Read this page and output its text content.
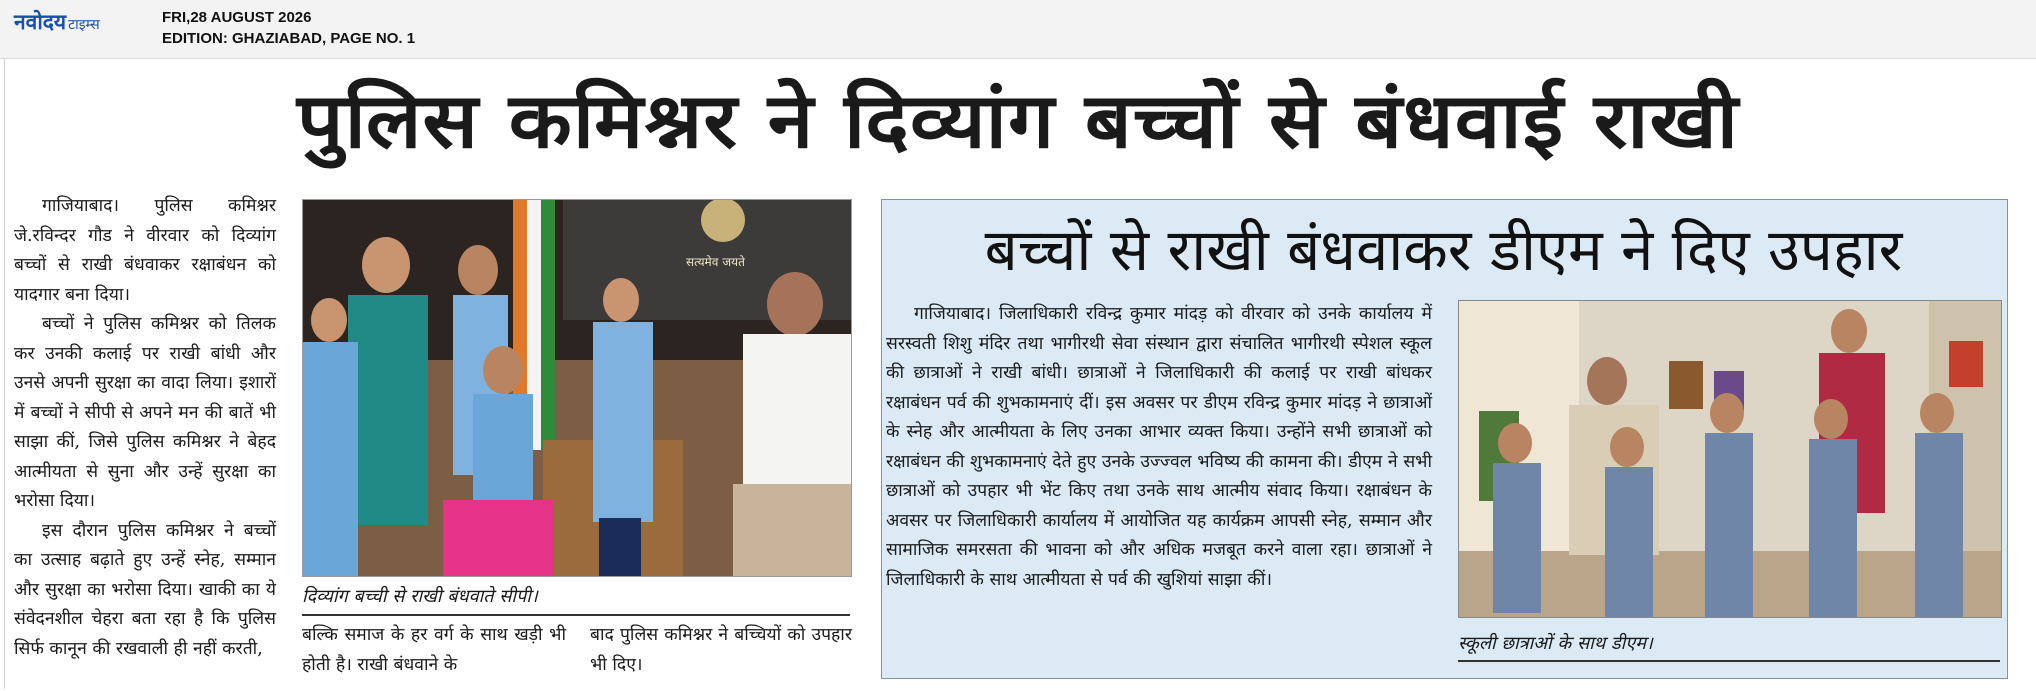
नवोदय टाइम्स	FRI,28 AUGUST 2026
EDITION: GHAZIABAD, PAGE NO. 1
पुलिस कमिश्नर ने दिव्यांग बच्चों से बंधवाई राखी

गाजियाबाद। पुलिस कमिश्नर जे.रविन्दर गौड ने वीरवार को दिव्यांग बच्चों से राखी बंधवाकर रक्षाबंधन को यादगार बना दिया।

बच्चों ने पुलिस कमिश्नर को तिलक कर उनकी कलाई पर राखी बांधी और उनसे अपनी सुरक्षा का वादा लिया। इशारों में बच्चों ने सीपी से अपने मन की बातें भी साझा कीं, जिसे पुलिस कमिश्नर ने बेहद आत्मीयता से सुना और उन्हें सुरक्षा का भरोसा दिया।

इस दौरान पुलिस कमिश्नर ने बच्चों का उत्साह बढ़ाते हुए उन्हें स्नेह, सम्मान और सुरक्षा का भरोसा दिया। खाकी का ये संवेदनशील चेहरा बता रहा है कि पुलिस सिर्फ कानून की रखवाली ही नहीं करती,

सत्यमेव जयते
दिव्यांग बच्ची से राखी बंधवाते सीपी।

बल्कि समाज के हर वर्ग के साथ खड़ी भी होती है। राखी बंधवाने के

बाद पुलिस कमिश्नर ने बच्चियों को उपहार भी दिए।

बच्चों से राखी बंधवाकर डीएम ने दिए उपहार

गाजियाबाद। जिलाधिकारी रविन्द्र कुमार मांदड़ को वीरवार को उनके कार्यालय में सरस्वती शिशु मंदिर तथा भागीरथी सेवा संस्थान द्वारा संचालित भागीरथी स्पेशल स्कूल की छात्राओं ने राखी बांधी। छात्राओं ने जिलाधिकारी की कलाई पर राखी बांधकर रक्षाबंधन पर्व की शुभकामनाएं दीं। इस अवसर पर डीएम रविन्द्र कुमार मांदड़ ने छात्राओं के स्नेह और आत्मीयता के लिए उनका आभार व्यक्त किया। उन्होंने सभी छात्राओं को रक्षाबंधन की शुभकामनाएं देते हुए उनके उज्ज्वल भविष्य की कामना की। डीएम ने सभी छात्राओं को उपहार भी भेंट किए तथा उनके साथ आत्मीय संवाद किया। रक्षाबंधन के अवसर पर जिलाधिकारी कार्यालय में आयोजित यह कार्यक्रम आपसी स्नेह, सम्मान और सामाजिक समरसता की भावना को और अधिक मजबूत करने वाला रहा। छात्राओं ने जिलाधिकारी के साथ आत्मीयता से पर्व की खुशियां साझा कीं।

स्कूली छात्राओं के साथ डीएम।
